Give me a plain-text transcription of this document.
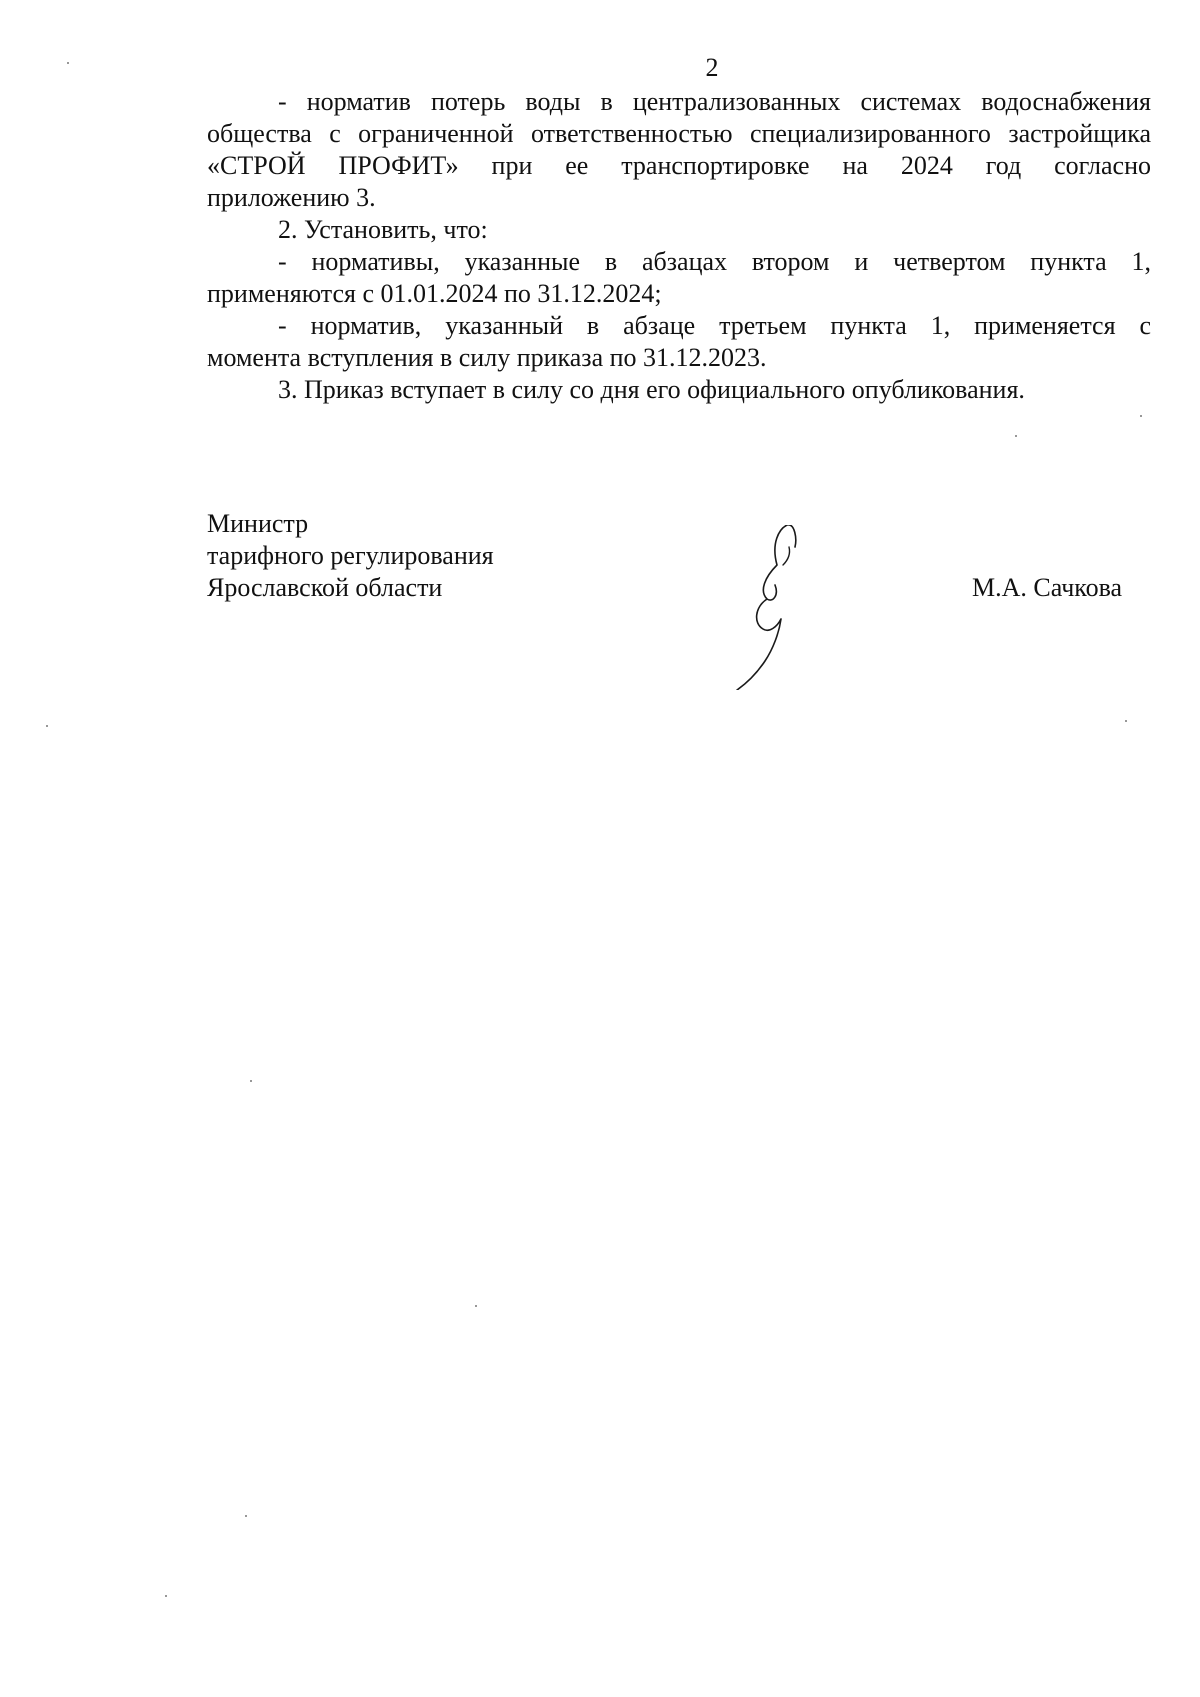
2
- норматив потерь воды в централизованных системах водоснабжения
общества с ограниченной ответственностью специализированного застройщика
«СТРОЙ ПРОФИТ» при ее транспортировке на 2024 год согласно
приложению 3.
2. Установить, что:
- нормативы, указанные в абзацах втором и четвертом пункта 1,
применяются с 01.01.2024 по 31.12.2024;
- норматив, указанный в абзаце третьем пункта 1, применяется с
момента вступления в силу приказа по 31.12.2023.
3. Приказ вступает в силу со дня его официального опубликования.
Министр
тарифного регулирования
Ярославской области	М.А. Сачкова
